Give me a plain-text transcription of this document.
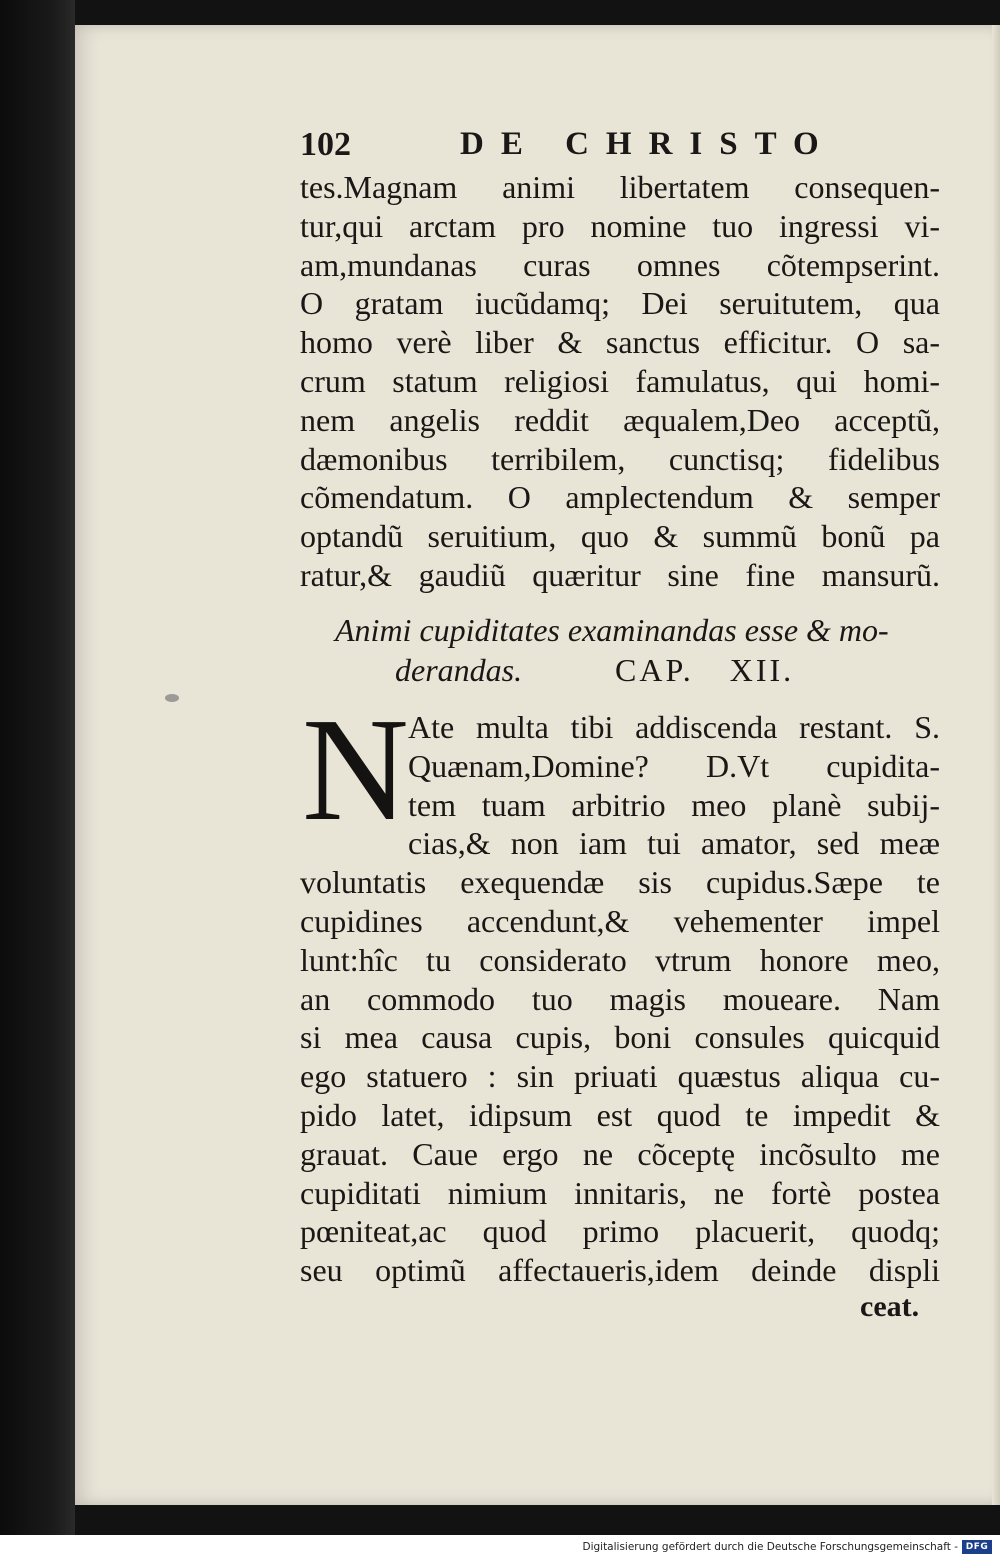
102	DE CHRISTO
tes.Magnam animi libertatem consequen-
tur,qui arctam pro nomine tuo ingressi vi-
am,mundanas curas omnes cõtempserint.
O gratam iucũdamq; Dei seruitutem, qua
homo verè liber & sanctus efficitur. O sa-
crum statum religiosi famulatus, qui homi-
nem angelis reddit æqualem,Deo acceptũ,
dæmonibus terribilem, cunctisq; fidelibus
cõmendatum. O amplectendum & semper
optandũ seruitium, quo & summũ bonũ pa
ratur,& gaudiũ quæritur sine fine mansurũ.
Animi cupiditates examinandas esse & mo-
derandas.	CAP. XII.
N Ate multa tibi addiscenda restant. S.
Quænam,Domine? D.Vt cupidita-
tem tuam arbitrio meo planè subij-
cias,& non iam tui amator, sed meæ
voluntatis exequendæ sis cupidus.Sæpe te
cupidines accendunt,& vehementer impel
lunt:hîc tu considerato vtrum honore meo,
an commodo tuo magis moueare. Nam
si mea causa cupis, boni consules quicquid
ego statuero : sin priuati quæstus aliqua cu-
pido latet, idipsum est quod te impedit &
grauat. Caue ergo ne cõceptę incõsulto me
cupiditati nimium innitaris, ne fortè postea
pœniteat,ac quod primo placuerit, quodq;
seu optimũ affectaueris,idem deinde displi
ceat.
Digitalisierung gefördert durch die Deutsche Forschungsgemeinschaft - DFG
